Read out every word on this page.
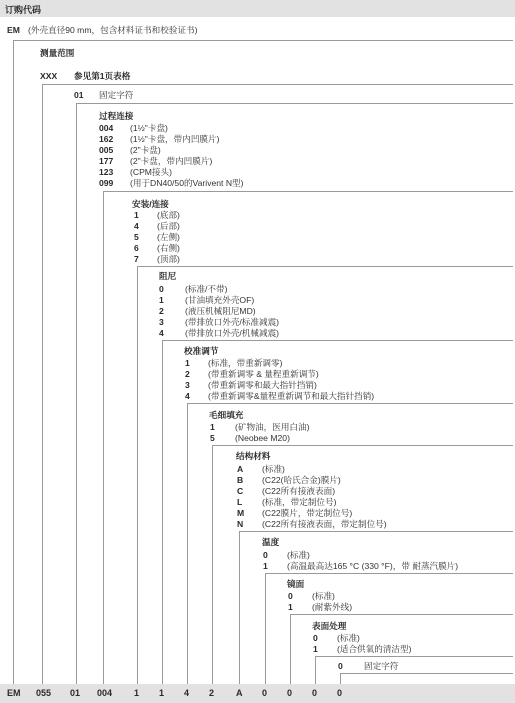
订购代码
EM (外壳直径90 mm，包含材料证书和校验证书)
测量范围
XXX 参见第1页表格
01 固定字符
过程连接
004 (1½"卡盘)
162 (1½"卡盘，带内凹膜片)
005 (2"卡盘)
177 (2"卡盘，带内凹膜片)
123 (CPM接头)
099 (用于DN40/50的Varivent N型)
安装/连接
1 (底部)
4 (后部)
5 (左侧)
6 (右侧)
7 (顶部)
阻尼
0 (标准/不带)
1 (甘油填充外壳OF)
2 (液压机械阻尼MD)
3 (带排放口外壳/标准减震)
4 (带排放口外壳/机械减震)
校准调节
1 (标准，带重新调零)
2 (带重新调零 & 量程重新调节)
3 (带重新调零和最大指针挡销)
4 (带重新调零&量程重新调节和最大指针挡销)
毛细填充
1 (矿物油，医用白油)
5 (Neobee M20)
结构材料
A (标准)
B (C22(哈氏合金)膜片)
C (C22所有接液表面)
L (标准，带定制位号)
M (C22膜片，带定制位号)
N (C22所有接液表面，带定制位号)
温度
0 (标准)
1 (高温最高达165 °C (330 °F)，带 耐蒸汽膜片)
镜面
0 (标准)
1 (耐紫外线)
表面处理
0 (标准)
1 (适合供氧的清洁型)
0 固定字符
EM 055 01 004 1 1 4 2 A 0 0 0 0
